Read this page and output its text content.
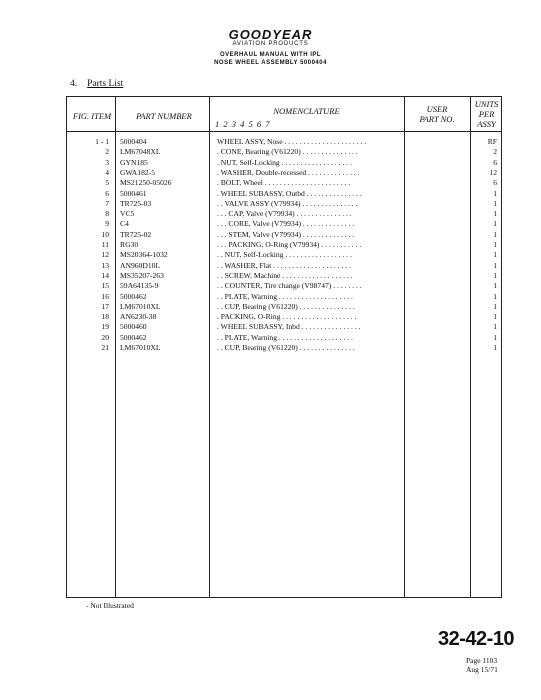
GOODYEAR
AVIATION PRODUCTS
OVERHAUL MANUAL WITH IPL
NOSE WHEEL ASSEMBLY 5000404
4. Parts List
FIG. ITEM	PART NUMBER	NOMENCLATURE
1 2 3 4 5 6 7
USER
PART NO.
UNITS
PER
ASSY
1 - 1 5000404	WHEEL ASSY, Nose . . . . . . . . . . . . . . . . . . . . . .	RF
2 LM67048XL	. CONE, Bearing (V61220) . . . . . . . . . . . . . . .	2
3 GYN185	. NUT, Self-Locking . . . . . . . . . . . . . . . . . . .	6
4 GWA182-5	. WASHER, Double-recessed . . . . . . . . . . . . . .	12
5 MS21250-05026	. BOLT, Wheel . . . . . . . . . . . . . . . . . . . . . . .	6
6 5000461	. WHEEL SUBASSY, Outbd . . . . . . . . . . . . . . .	1
7 TR725-03	. . VALVE ASSY (V79934) . . . . . . . . . . . . . . .	1
8 VC5	. . . CAP, Valve (V79934) . . . . . . . . . . . . . . .	1
9 C4	. . . CORE, Valve (V79934) . . . . . . . . . . . . . .	1
10 TR725-02	. . . STEM, Valve (V79934) . . . . . . . . . . . . . .	1
11 RG30	. . . PACKING, O-Ring (V79934) . . . . . . . . . . .	1
12 MS20364-1032	. . NUT, Self-Locking . . . . . . . . . . . . . . . . . .	1
13 AN960D10L	. . WASHER, Flat . . . . . . . . . . . . . . . . . . . . .	1
14 MS35207-263	. . SCREW, Machine . . . . . . . . . . . . . . . . . . .	1
15 59A64135-9	. . COUNTER, Tire change (V98747) . . . . . . . .	1
16 5000462	. . PLATE, Warning . . . . . . . . . . . . . . . . . . . .	1
17 LM67010XL	. . CUP, Bearing (V61220) . . . . . . . . . . . . . . .	1
18 AN6230-38	. PACKING, O-Ring . . . . . . . . . . . . . . . . . . . .	1
19 5000460	. WHEEL SUBASSY, Inbd . . . . . . . . . . . . . . . .	1
20 5000462	. . PLATE, Warning . . . . . . . . . . . . . . . . . . . .	1
21 LM67010XL	. . CUP, Bearing (V61220) . . . . . . . . . . . . . . .	1
- Not Illustrated
32-42-10
Page 1103
Aug 15/71
